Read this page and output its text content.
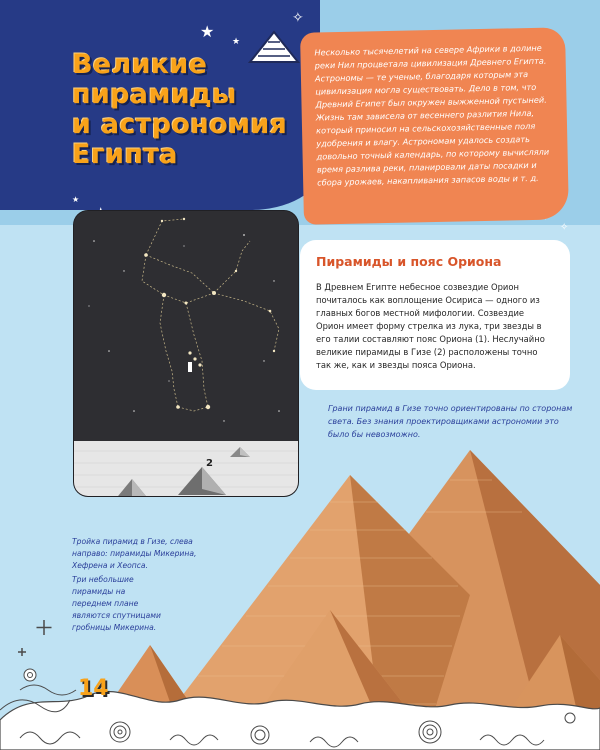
Великие
пирамиды
и астрономия
Египта
★
★
★
✧
✧

Несколько тысячелетий на севере Африки в долине реки Нил процветала цивилизация Древнего Египта. Астрономы — те ученые, благодаря которым эта цивилизация могла существовать. Дело в том, что Древний Египет был окружен выжженной пустыней. Жизнь там зависела от весеннего разлития Нила, который приносил на сельскохозяйственные поля удобрения и влагу. Астрономам удалось создать довольно точный календарь, по которому вычисляли время разлива реки, планировали даты посадки и сбора урожаев, накапливания запасов воды и т. д.

2
Пирамиды и пояс Ориона

В Древнем Египте небесное созвездие Орион почиталось как воплощение Осириса — одного из главных богов местной мифологии. Созвездие Орион имеет форму стрелка из лука, три звезды в его талии составляют пояс Ориона (1). Неслучайно великие пирамиды в Гизе (2) расположены точно так же, как и звезды пояса Ориона.

Грани пирамид в Гизе точно ориентированы по сторонам света. Без знания проектировщиками астрономии это было бы невозможно.

Тройка пирамид в Гизе, слева направо: пирамиды Микерина, Хефрена и Хеопса.

Три небольшие пирамиды на переднем плане являются спутницами гробницы Микерина.

14
